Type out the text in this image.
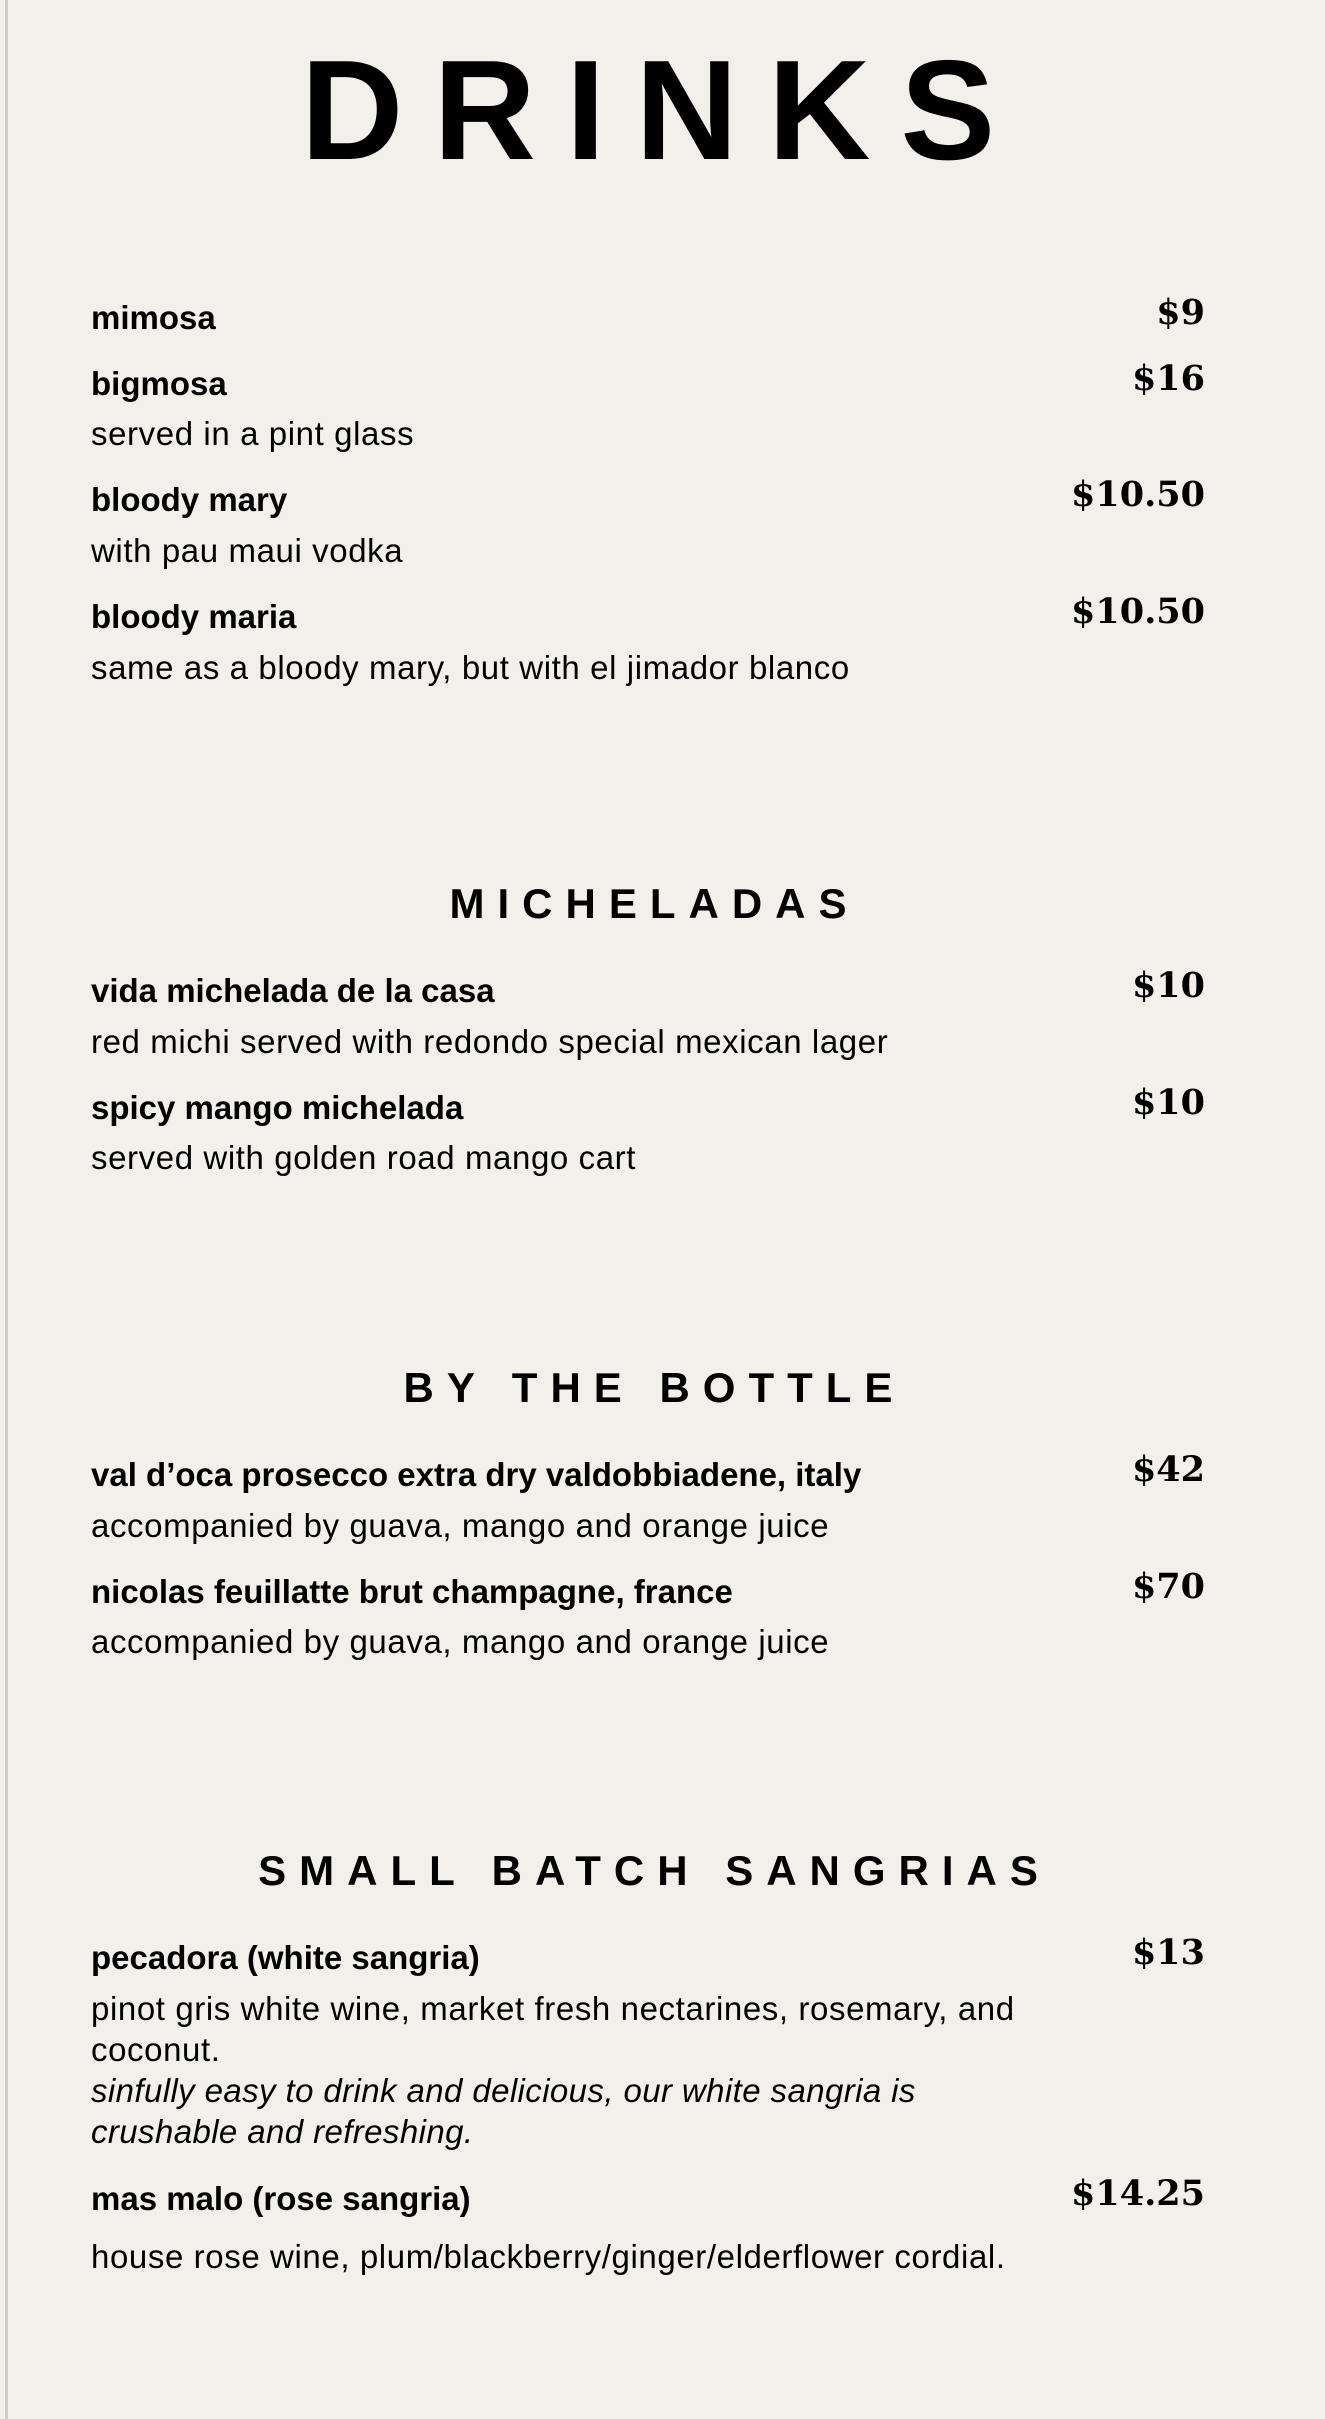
DRINKS
mimosa	$9
bigmosa	$16
served in a pint glass
bloody mary	$10.50
with pau maui vodka
bloody maria	$10.50
same as a bloody mary, but with el jimador blanco
MICHELADAS
vida michelada de la casa	$10
red michi served with redondo special mexican lager
spicy mango michelada	$10
served with golden road mango cart
BY THE BOTTLE
val d’oca prosecco extra dry valdobbiadene, italy	$42
accompanied by guava, mango and orange juice
nicolas feuillatte brut champagne, france	$70
accompanied by guava, mango and orange juice
SMALL BATCH SANGRIAS
pecadora (white sangria)	$13
pinot gris white wine, market fresh nectarines, rosemary, and coconut.
sinfully easy to drink and delicious, our white sangria is crushable and refreshing.
mas malo (rose sangria)	$14.25
house rose wine, plum/blackberry/ginger/elderflower cordial.
